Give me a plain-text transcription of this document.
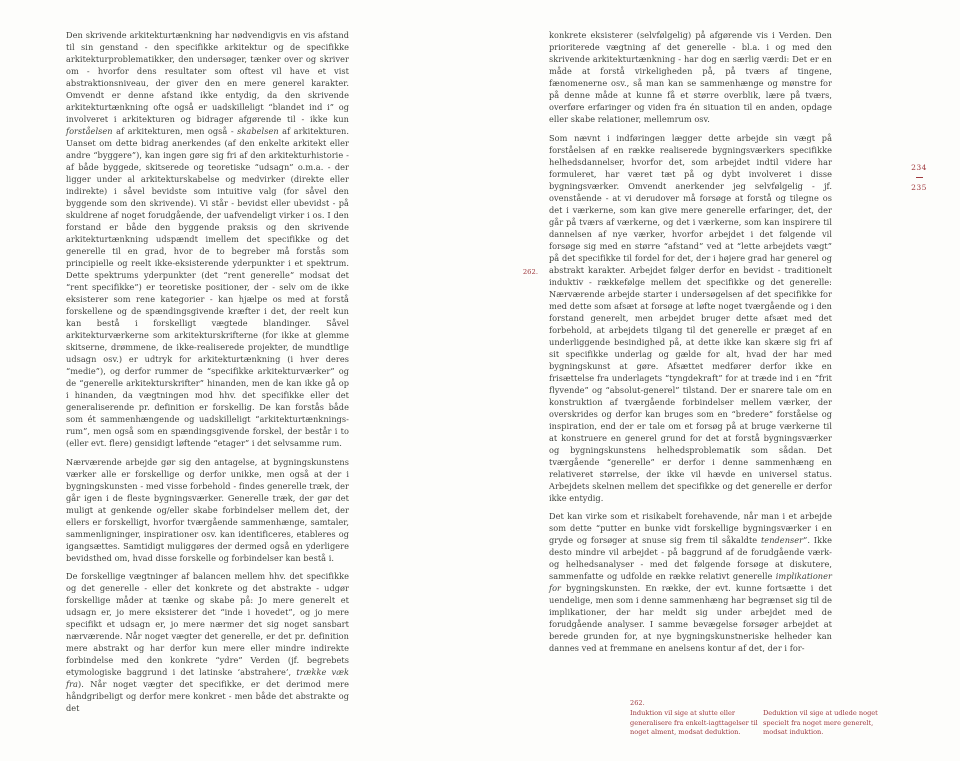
Den skrivende arkitekturtænkning har nødvendigvis en vis afstand til sin genstand - den specifikke arkitektur og de specifikke arkitekturproblematikker, den undersøger, tænker over og skriver om - hvorfor dens resultater som oftest vil have et vist abstraktionsniveau, der giver den en mere generel karakter. Omvendt er denne afstand ikke entydig, da den skrivende arkitekturtænkning ofte også er uadskilleligt “blandet ind i” og involveret i arkitekturen og bidrager afgørende til - ikke kun forståelsen af arkitekturen, men også - skabelsen af arkitekturen. Uanset om dette bidrag anerkendes (af den enkelte arkitekt eller andre “byggere”), kan ingen gøre sig fri af den arkitekturhistorie - af både byggede, skitserede og teoretiske “udsagn” o.m.a. - der ligger under al arkitekturskabelse og medvirker (direkte eller indirekte) i såvel bevidste som intuitive valg (for såvel den byggende som den skrivende). Vi står - bevidst eller ubevidst - på skuldrene af noget forudgående, der uafvendeligt virker i os. I den forstand er både den byggende praksis og den skrivende arkitekturtænkning udspændt imellem det specifikke og det generelle til en grad, hvor de to begreber må forstås som principielle og reelt ikke-eksisterende yderpunkter i et spektrum. Dette spektrums yderpunkter (det “rent generelle” modsat det “rent specifikke”) er teoretiske positioner, der - selv om de ikke eksisterer som rene kategorier - kan hjælpe os med at forstå forskellene og de spændingsgivende kræfter i det, der reelt kun kan bestå i forskelligt vægtede blandinger. Såvel arkitekturværkerne som arkitekturskrifterne (for ikke at glemme skitserne, drømmene, de ikke-realiserede projekter, de mundtlige udsagn osv.) er udtryk for arkitekturtænkning (i hver deres “medie”), og derfor rummer de “specifikke arkitekturværker” og de “generelle arkitekturskrifter” hinanden, men de kan ikke gå op i hinanden, da vægtningen mod hhv. det specifikke eller det generaliserende pr. definition er forskellig. De kan forstås både som ét sammenhængende og uadskilleligt “arkitekturtænknings-rum”, men også som en spændingsgivende forskel, der består i to (eller evt. flere) gensidigt løftende “etager” i det selvsamme rum.

Nærværende arbejde gør sig den antagelse, at bygningskunstens værker alle er forskellige og derfor unikke, men også at der i bygningskunsten - med visse forbehold - findes generelle træk, der går igen i de fleste bygningsværker. Generelle træk, der gør det muligt at genkende og/eller skabe forbindelser mellem det, der ellers er forskelligt, hvorfor tværgående sammenhænge, samtaler, sammenligninger, inspirationer osv. kan identificeres, etableres og igangsættes. Samtidigt muliggøres der dermed også en yderligere bevidsthed om, hvad disse forskelle og forbindelser kan bestå i.

De forskellige vægtninger af balancen mellem hhv. det specifikke og det generelle - eller det konkrete og det abstrakte - udgør forskellige måder at tænke og skabe på: Jo mere generelt et udsagn er, jo mere eksisterer det “inde i hovedet”, og jo mere specifikt et udsagn er, jo mere nærmer det sig noget sansbart nærværende. Når noget vægter det generelle, er det pr. definition mere abstrakt og har derfor kun mere eller mindre indirekte forbindelse med den konkrete “ydre” Verden (jf. begrebets etymologiske baggrund i det latinske ‘abstrahere’, trække væk fra). Når noget vægter det specifikke, er det derimod mere håndgribeligt og derfor mere konkret - men både det abstrakte og det

konkrete eksisterer (selvfølgelig) på afgørende vis i Verden. Den prioriterede vægtning af det generelle - bl.a. i og med den skrivende arkitekturtænkning - har dog en særlig værdi: Det er en måde at forstå virkeligheden på, på tværs af tingene, fænomenerne osv., så man kan se sammenhænge og mønstre for på denne måde at kunne få et større overblik, lære på tværs, overføre erfaringer og viden fra én situation til en anden, opdage eller skabe relationer, mellemrum osv.

Som nævnt i indføringen lægger dette arbejde sin vægt på forståelsen af en række realiserede bygningsværkers specifikke helhedsdannelser, hvorfor det, som arbejdet indtil videre har formuleret, har været tæt på og dybt involveret i disse bygningsværker. Omvendt anerkender jeg selvfølgelig - jf. ovenstående - at vi derudover må forsøge at forstå og tilegne os det i værkerne, som kan give mere generelle erfaringer, det, der går på tværs af værkerne, og det i værkerne, som kan inspirere til dannelsen af nye værker, hvorfor arbejdet i det følgende vil forsøge sig med en større “afstand” ved at “lette arbejdets vægt” på det specifikke til fordel for det, der i højere grad har generel og abstrakt karakter. Arbejdet følger derfor en bevidst - traditionelt induktiv - rækkefølge mellem det specifikke og det generelle: Nærværende arbejde starter i undersøgelsen af det specifikke for med dette som afsæt at forsøge at løfte noget tværgående og i den forstand generelt, men arbejdet bruger dette afsæt med det forbehold, at arbejdets tilgang til det generelle er præget af en underliggende besindighed på, at dette ikke kan skære sig fri af sit specifikke underlag og gælde for alt, hvad der har med bygningskunst at gøre. Afsættet medfører derfor ikke en frisættelse fra underlagets “tyngdekraft” for at træde ind i en “frit flyvende” og “absolut-generel” tilstand. Der er snarere tale om en konstruktion af tværgående forbindelser mellem værker, der overskrides og derfor kan bruges som en “bredere” forståelse og inspiration, end der er tale om et forsøg på at bruge værkerne til at konstruere en generel grund for det at forstå bygningsværker og bygningskunstens helhedsproblematik som sådan. Det tværgående “generelle” er derfor i denne sammenhæng en relativeret størrelse, der ikke vil hævde en universel status. Arbejdets skelnen mellem det specifikke og det generelle er derfor ikke entydig.

Det kan virke som et risikabelt forehavende, når man i et arbejde som dette “putter en bunke vidt forskellige bygningsværker i en gryde og forsøger at snuse sig frem til såkaldte tendenser”. Ikke desto mindre vil arbejdet - på baggrund af de forudgående værk- og helhedsanalyser - med det følgende forsøge at diskutere, sammenfatte og udfolde en række relativt generelle implikationer for bygningskunsten. En række, der evt. kunne fortsætte i det uendelige, men som i denne sammenhæng har begrænset sig til de implikationer, der har meldt sig under arbejdet med de forudgående analyser. I samme bevægelse forsøger arbejdet at berede grunden for, at nye bygningskunstneriske helheder kan dannes ved at fremmane en anelsens kontur af det, der i for-

234
235
262.
262.
Induktion vil sige at slutte eller generalisere fra enkelt-iagttagelser til noget alment, modsat deduktion.
Deduktion vil sige at udlede noget specielt fra noget mere generelt, modsat induktion.
